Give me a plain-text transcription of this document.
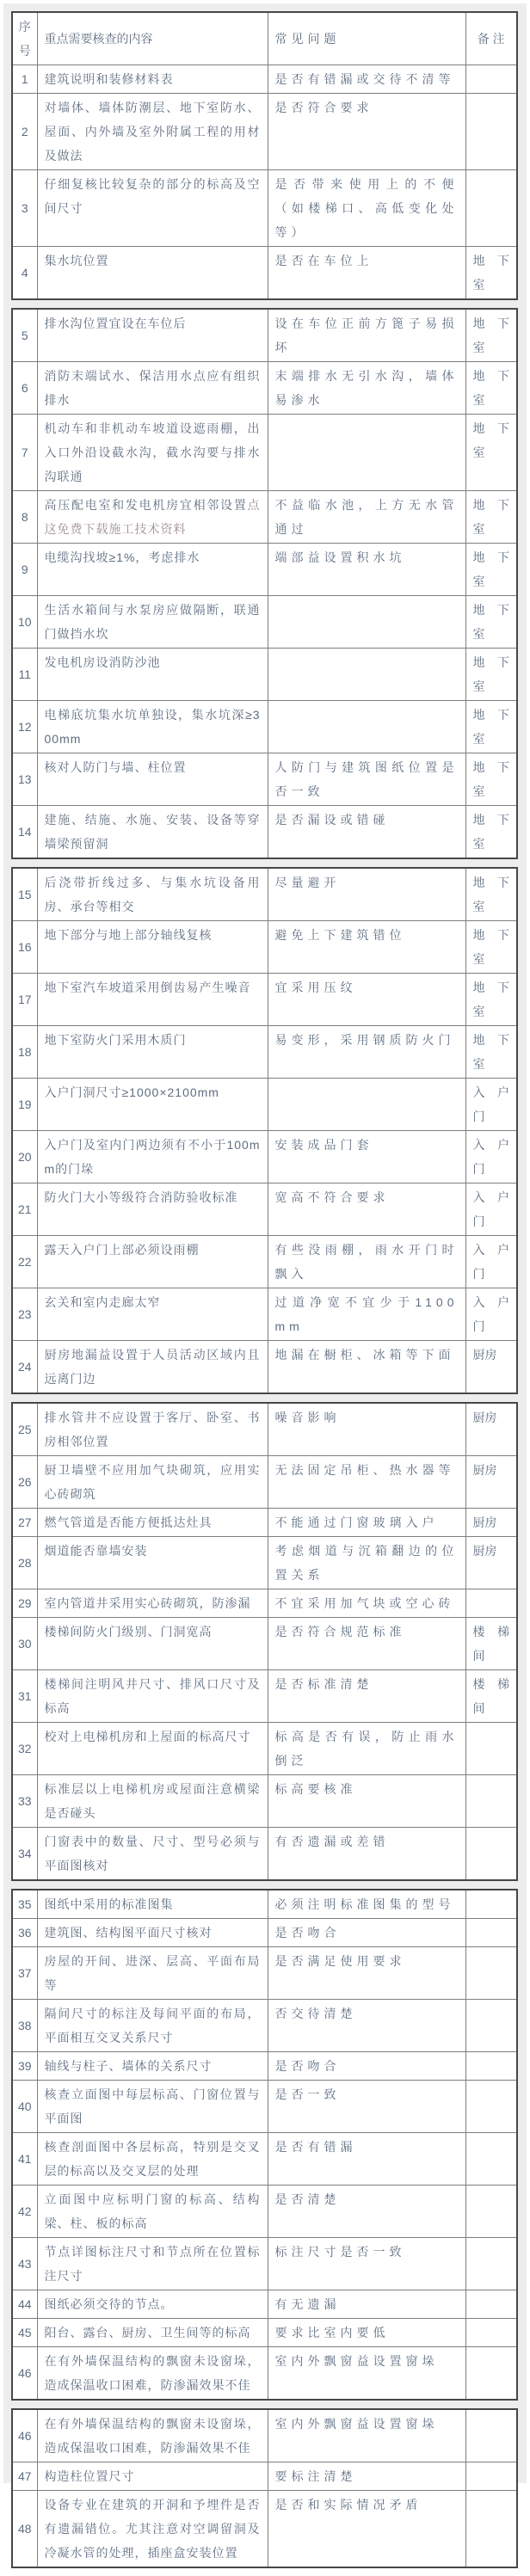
序号	重点需要核查的内容	常见问题	备 注
1	建筑说明和装修材料表	是否有错漏或交待不清等	
2	对墙体、墙体防潮层、地下室防水、屋面、内外墙及室外附属工程的用材及做法	是否符合要求	
3	仔细复核比较复杂的部分的标高及空间尺寸	是否带来使用上的不便（如楼梯口、高低变化处等）	
4	集水坑位置	是否在车位上	地 下 室
5	排水沟位置宜设在车位后	设在车位正前方篦子易损坏	地 下 室
6	消防末端试水、保洁用水点应有组织排水	末端排水无引水沟，墙体易渗水	地 下 室
7	机动车和非机动车坡道设遮雨棚，出入口外沿设截水沟，截水沟要与排水沟联通		地 下 室
8	高压配电室和发电机房宜相邻设置点这免费下载施工技术资料	不益临水池，上方无水管通过	地 下 室
9	电缆沟找坡≥1%，考虑排水	端部益设置积水坑	地 下 室
10	生活水箱间与水泵房应做隔断，联通门做挡水坎		地 下 室
11	发电机房设消防沙池		地 下 室
12	电梯底坑集水坑单独设，集水坑深≥300mm		地 下 室
13	核对人防门与墙、柱位置	人防门与建筑图纸位置是否一致	地 下 室
14	建施、结施、水施、安装、设备等穿墙梁预留洞	是否漏设或错碰	地 下 室
15	后浇带折线过多、与集水坑设备用房、承台等相交	尽量避开	地 下 室
16	地下部分与地上部分轴线复核	避免上下建筑错位	地 下 室
17	地下室汽车坡道采用倒齿易产生噪音	宜采用压纹	地 下 室
18	地下室防火门采用木质门	易变形，采用钢质防火门	地 下 室
19	入户门洞尺寸≥1000×2100mm		入 户 门
20	入户门及室内门两边须有不小于100mm的门垛	安装成品门套	入 户 门
21	防火门大小等级符合消防验收标准	宽高不符合要求	入 户 门
22	露天入户门上部必须设雨棚	有些没雨棚，雨水开门时飘入	入 户 门
23	玄关和室内走廊太窄	过道净宽不宜少于1100mm	入 户 门
24	厨房地漏益设置于人员活动区域内且远离门边	地漏在橱柜、冰箱等下面	厨房
25	排水管井不应设置于客厅、卧室、书房相邻位置	噪音影响	厨房
26	厨卫墙壁不应用加气块砌筑，应用实心砖砌筑	无法固定吊柜、热水器等	厨房
27	燃气管道是否能方便抵达灶具	不能通过门窗玻璃入户	厨房
28	烟道能否靠墙安装	考虑烟道与沉箱翻边的位置关系	厨房
29	室内管道井采用实心砖砌筑，防渗漏	不宜采用加气块或空心砖	
30	楼梯间防火门级别、门洞宽高	是否符合规范标准	楼 梯 间
31	楼梯间注明风井尺寸、排风口尺寸及标高	是否标准清楚	楼 梯 间
32	校对上电梯机房和上屋面的标高尺寸	标高是否有误，防止雨水倒泛	
33	标准层以上电梯机房或屋面注意横梁是否碰头	标高要核准	
34	门窗表中的数量、尺寸、型号必须与平面图核对	有否遗漏或差错	
35	图纸中采用的标准图集	必须注明标准图集的型号	
36	建筑图、结构图平面尺寸核对	是否吻合	
37	房屋的开间、进深、层高、平面布局等	是否满足使用要求	
38	隔间尺寸的标注及每间平面的布局，平面相互交叉关系尺寸	否交待清楚	
39	轴线与柱子、墙体的关系尺寸	是否吻合	
40	核查立面图中每层标高、门窗位置与平面图	是否一致	
41	核查剖面图中各层标高，特别是交叉层的标高以及交叉层的处理	是否有错漏	
42	立面图中应标明门窗的标高、结构梁、柱、板的标高	是否清楚	
43	节点详图标注尺寸和节点所在位置标注尺寸	标注尺寸是否一致	
44	图纸必须交待的节点。	有无遗漏	
45	阳台、露台、厨房、卫生间等的标高	要求比室内要低	
46	在有外墙保温结构的飘窗未设窗垛，造成保温收口困难，防渗漏效果不佳	室内外飘窗益设置窗垛	
46	在有外墙保温结构的飘窗未设窗垛，造成保温收口困难，防渗漏效果不佳	室内外飘窗益设置窗垛	
47	构造柱位置尺寸	要标注清楚	
48	设备专业在建筑的开洞和予埋件是否有遗漏错位。尤其注意对空调留洞及冷凝水管的处理，插座盒安装位置	是否和实际情况矛盾	
